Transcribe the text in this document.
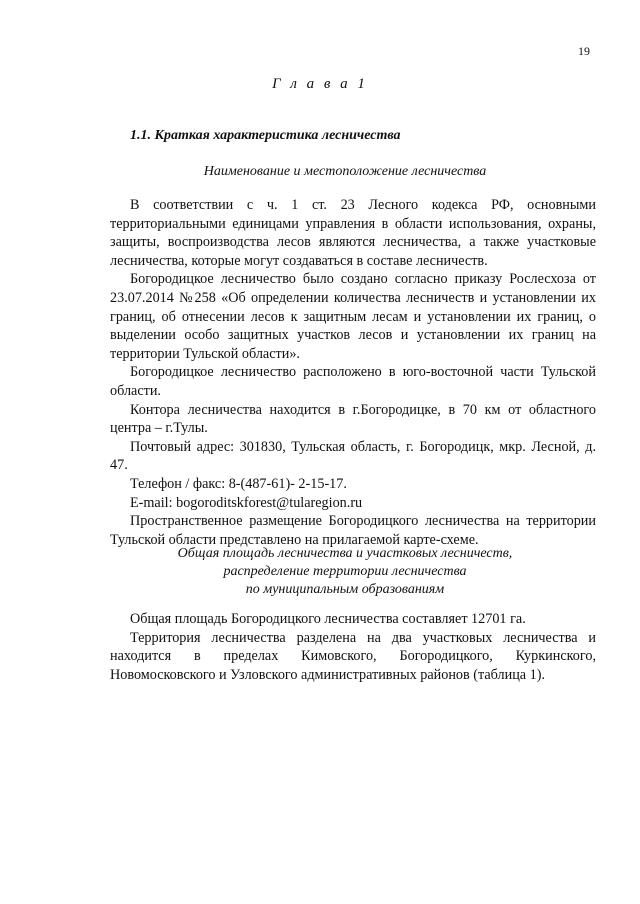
19
Г л а в а 1
1.1. Краткая характеристика лесничества
Наименование и местоположение лесничества

В соответствии с ч. 1 ст. 23 Лесного кодекса РФ, основными территориальными единицами управления в области использования, охраны, защиты, воспроизводства лесов являются лесничества, а также участковые лесничества, которые могут создаваться в составе лесничеств.

Богородицкое лесничество было создано согласно приказу Рослесхоза от 23.07.2014 №258 «Об определении количества лесничеств и установлении их границ, об отнесении лесов к защитным лесам и установлении их границ, о выделении особо защитных участков лесов и установлении их границ на территории Тульской области».

Богородицкое лесничество расположено в юго-восточной части Тульской области.

Контора лесничества находится в г.Богородицке, в 70 км от областного центра – г.Тулы.

Почтовый адрес: 301830, Тульская область, г. Богородицк, мкр. Лесной, д. 47.

Телефон / факс: 8-(487-61)- 2-15-17.

E-mail: bogoroditskforest@tularegion.ru

Пространственное размещение Богородицкого лесничества на территории Тульской области представлено на прилагаемой карте-схеме.

Общая площадь лесничества и участковых лесничеств,
распределение территории лесничества
по муниципальным образованиям

Общая площадь Богородицкого лесничества составляет 12701 га.

Территория лесничества разделена на два участковых лесничества и находится в пределах Кимовского, Богородицкого, Куркинского, Новомосковского и Узловского административных районов (таблица 1).
